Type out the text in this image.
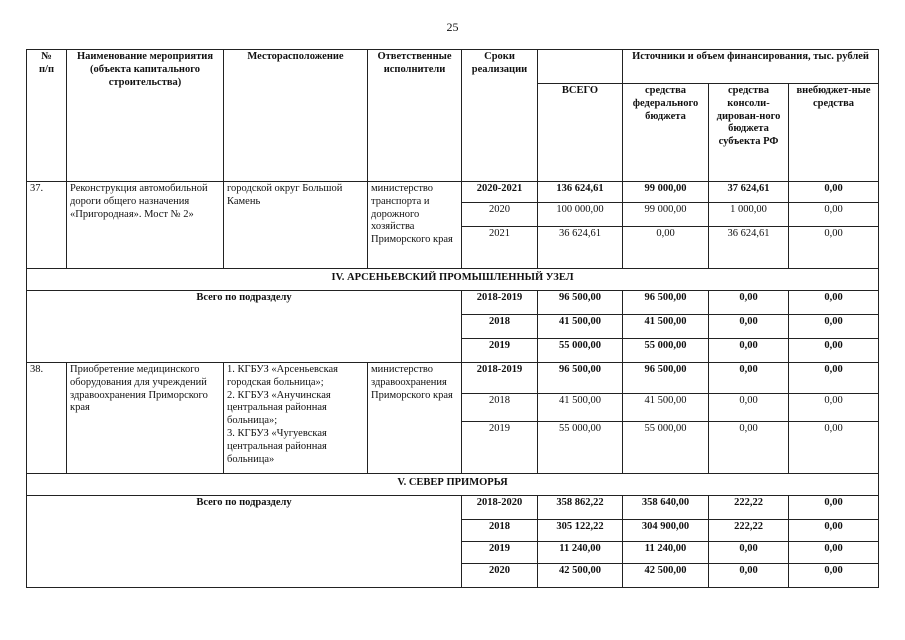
25
№
п/п	Наименование мероприятия (объекта капитального строительства)	Месторасположение	Ответственные исполнители	Сроки реализации		Источники и объем финансирования, тыс. рублей		
					ВСЕГО	средства федерального бюджета	средства консоли-дирован-ного бюджета субъекта РФ	внебюджет-ные средства
37.	Реконструкция автомобильной дороги общего назначения «Пригородная». Мост № 2»	городской округ Большой Камень	министерство транспорта и дорожного хозяйства Приморского края	2020-2021	136 624,61	99 000,00	37 624,61	0,00
				2020	100 000,00	99 000,00	1 000,00	0,00
				2021	36 624,61	0,00	36 624,61	0,00
IV. АРСЕНЬЕВСКИЙ ПРОМЫШЛЕННЫЙ УЗЕЛ								
Всего по подразделу				2018-2019	96 500,00	96 500,00	0,00	0,00
				2018	41 500,00	41 500,00	0,00	0,00
				2019	55 000,00	55 000,00	0,00	0,00
38.	Приобретение медицинского оборудования для учреждений здравоохранения Приморского края	1. КГБУЗ «Арсеньевская городская больница»;
2. КГБУЗ «Анучинская центральная районная больница»;
3. КГБУЗ «Чугуевская центральная районная больница»	министерство здравоохранения Приморского края	2018-2019	96 500,00	96 500,00	0,00	0,00
				2018	41 500,00	41 500,00	0,00	0,00
				2019	55 000,00	55 000,00	0,00	0,00
V. СЕВЕР ПРИМОРЬЯ								
Всего по подразделу				2018-2020	358 862,22	358 640,00	222,22	0,00
				2018	305 122,22	304 900,00	222,22	0,00
				2019	11 240,00	11 240,00	0,00	0,00
				2020	42 500,00	42 500,00	0,00	0,00
